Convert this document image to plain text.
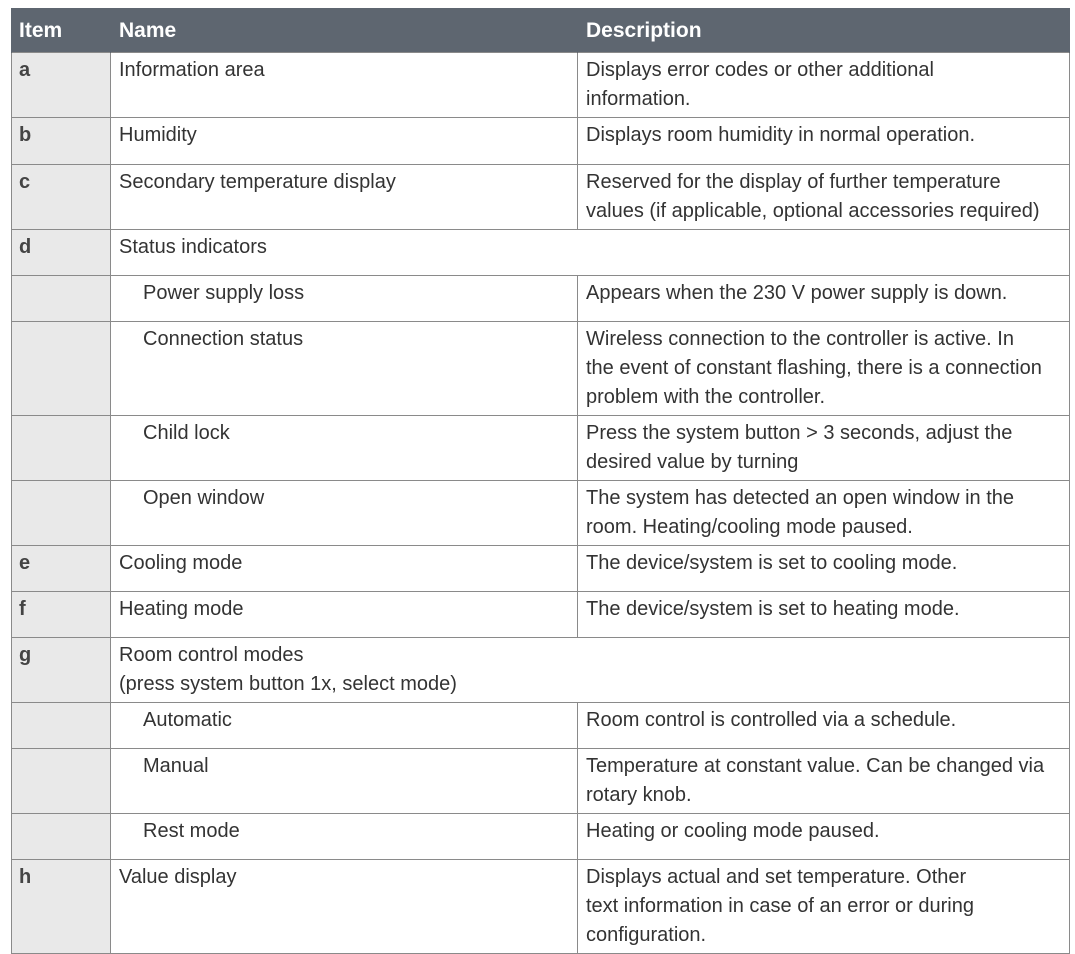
Item	Name	Description
a	Information area	Displays error codes or other additional
information.

b	Humidity	Displays room humidity in normal operation.

c	Secondary temperature display	Reserved for the display of further temperature
values (if applicable, optional accessories required)

d	Status indicators	
	Power supply loss	Appears when the 230 V power supply is down.

	Connection status	Wireless connection to the controller is active. In
the event of constant flashing, there is a connection
problem with the controller.

	Child lock	Press the system button > 3 seconds, adjust the
desired value by turning

	Open window	The system has detected an open window in the
room. Heating/cooling mode paused.

e	Cooling mode	The device/system is set to cooling mode.

f	Heating mode	The device/system is set to heating mode.

g	Room control modes
(press system button 1x, select mode)	

	Automatic	Room control is controlled via a schedule.

	Manual	Temperature at constant value. Can be changed via
rotary knob.

	Rest mode	Heating or cooling mode paused.

h	Value display	Displays actual and set temperature. Other
text information in case of an error or during
configuration.
